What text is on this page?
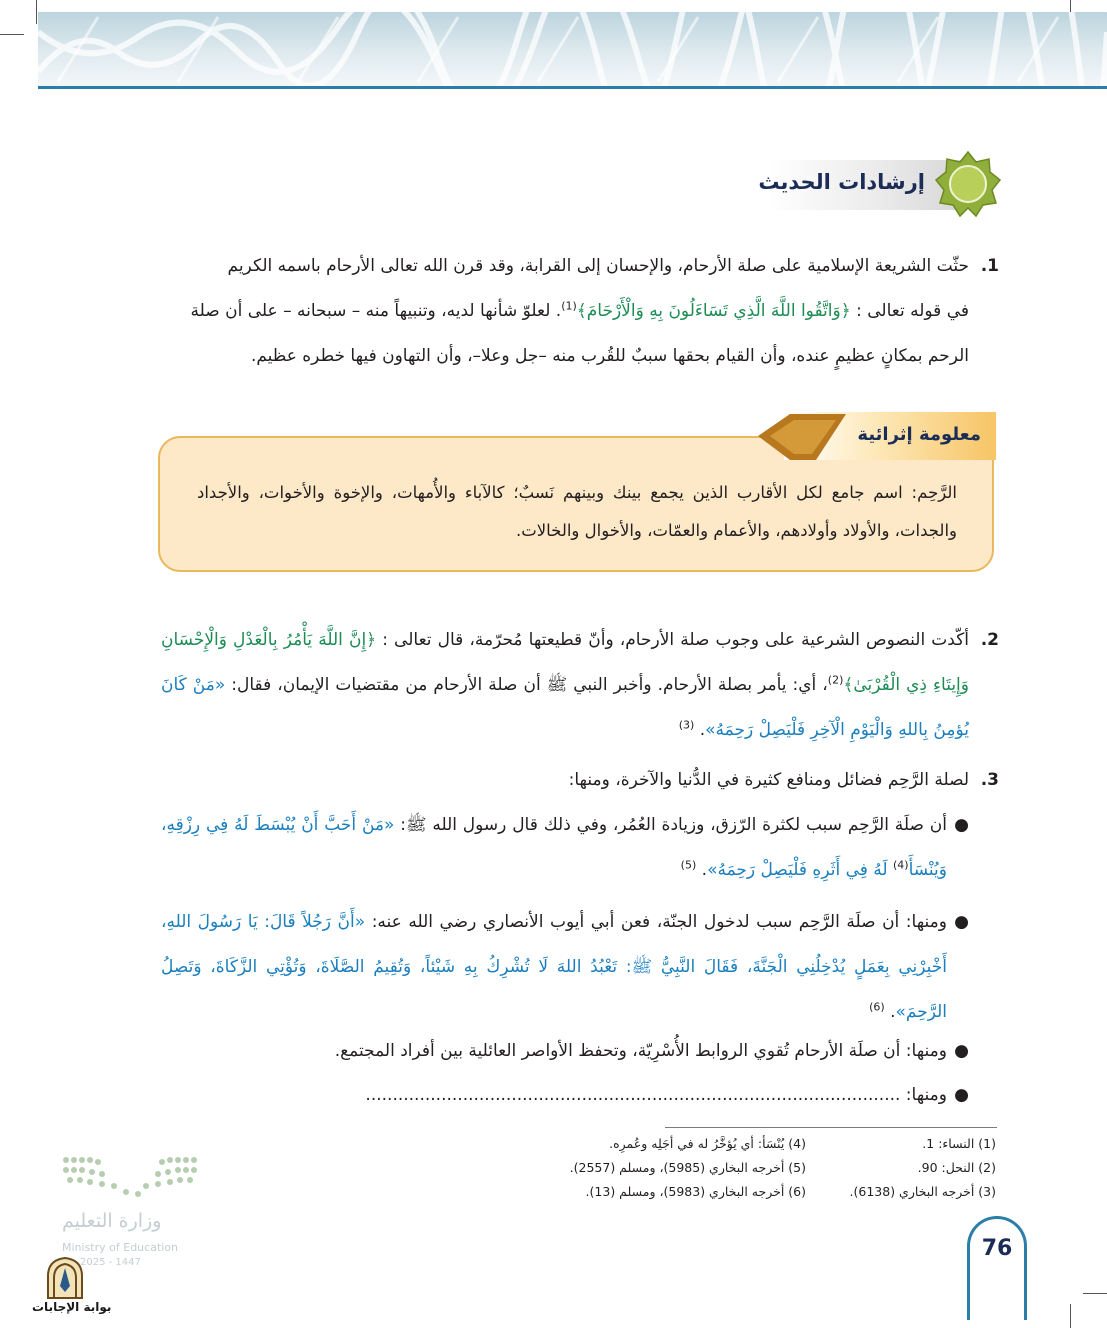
إرشادات الحديث
1.
حثّت الشريعة الإسلامية على صلة الأرحام، والإحسان إلى القرابة، وقد قرن الله تعالى الأرحام باسمه الكريم
في قوله تعالى : ﴿وَاتَّقُوا اللَّهَ الَّذِي تَسَاءَلُونَ بِهِ وَالْأَرْحَامَ﴾$^{(1)}$. لعلوّ شأنها لديه، وتنبيهاً منه – سبحانه – على أن صلة
الرحم بمكانٍ عظيمٍ عنده، وأن القيام بحقها سببٌ للقُرب منه –جل وعلا–، وأن التهاون فيها خطره عظيم.
معلومة إثرائية
الرَّحِم: اسم جامع لكل الأقارب الذين يجمع بينك وبينهم نَسبٌ؛ كالآباء والأُمهات، والإخوة والأخوات، والأجداد والجدات، والأولاد وأولادهم، والأعمام والعمّات، والأخوال والخالات.
2.
أكّدت النصوص الشرعية على وجوب صلة الأرحام، وأنّ قطيعتها مُحرّمة، قال تعالى : ﴿إِنَّ اللَّهَ يَأْمُرُ بِالْعَدْلِ وَالْإِحْسَانِ وَإِيتَاءِ ذِي الْقُرْبَىٰ﴾$^{(2)}$، أي: يأمر بصلة الأرحام. وأخبر النبي ﷺ أن صلة الأرحام من مقتضيات الإيمان، فقال: «مَنْ كَانَ يُؤمِنُ بِاللهِ وَالْيَوْمِ الْآخِرِ فَلْيَصِلْ رَحِمَهُ». $^{(3)}$
3.
لصلة الرَّحِم فضائل ومنافع كثيرة في الدُّنيا والآخرة، ومنها:
●
أن صلَة الرَّحِم سبب لكثرة الرّزق، وزيادة العُمُر، وفي ذلك قال رسول الله ﷺ: «مَنْ أَحَبَّ أَنْ يُبْسَطَ لَهُ فِي رِزْقِهِ، وَيُنْسَأَ$^{(4)}$ لَهُ فِي أَثَرِهِ فَلْيَصِلْ رَحِمَهُ». $^{(5)}$
●
ومنها: أن صلَة الرَّحِم سبب لدخول الجنّة، فعن أبي أيوب الأنصاري رضي الله عنه: «أَنَّ رَجُلاً قَالَ: يَا رَسُولَ اللهِ، أَخْبِرْنِي بِعَمَلٍ يُدْخِلُنِي الْجَنَّةَ، فَقَالَ النَّبِيُّ ﷺ: تَعْبُدُ اللهَ لَا تُشْرِكُ بِهِ شَيْئاً، وَتُقِيمُ الصَّلَاةَ، وَتُؤْتِي الزَّكَاةَ، وَتَصِلُ الرَّحِمَ». $^{(6)}$
●
ومنها: أن صلَة الأرحام تُقوي الروابط الأُسْرِيّة، وتحفظ الأواصر العائلية بين أفراد المجتمع.
●
ومنها: ...................................................................................................
(1) النساء: 1.
(2) النحل: 90.
(3) أخرجه البخاري (6138).
(4) يُنْسَأ: أي يُؤخَّرُ له في أجَلِه وعُمرِه.
(5) أخرجه البخاري (5985)، ومسلم (2557).
(6) أخرجه البخاري (5983)، ومسلم (13).
76
وزارة التعليم
Ministry of Education
2025 - 1447
بوابة الإجابات
